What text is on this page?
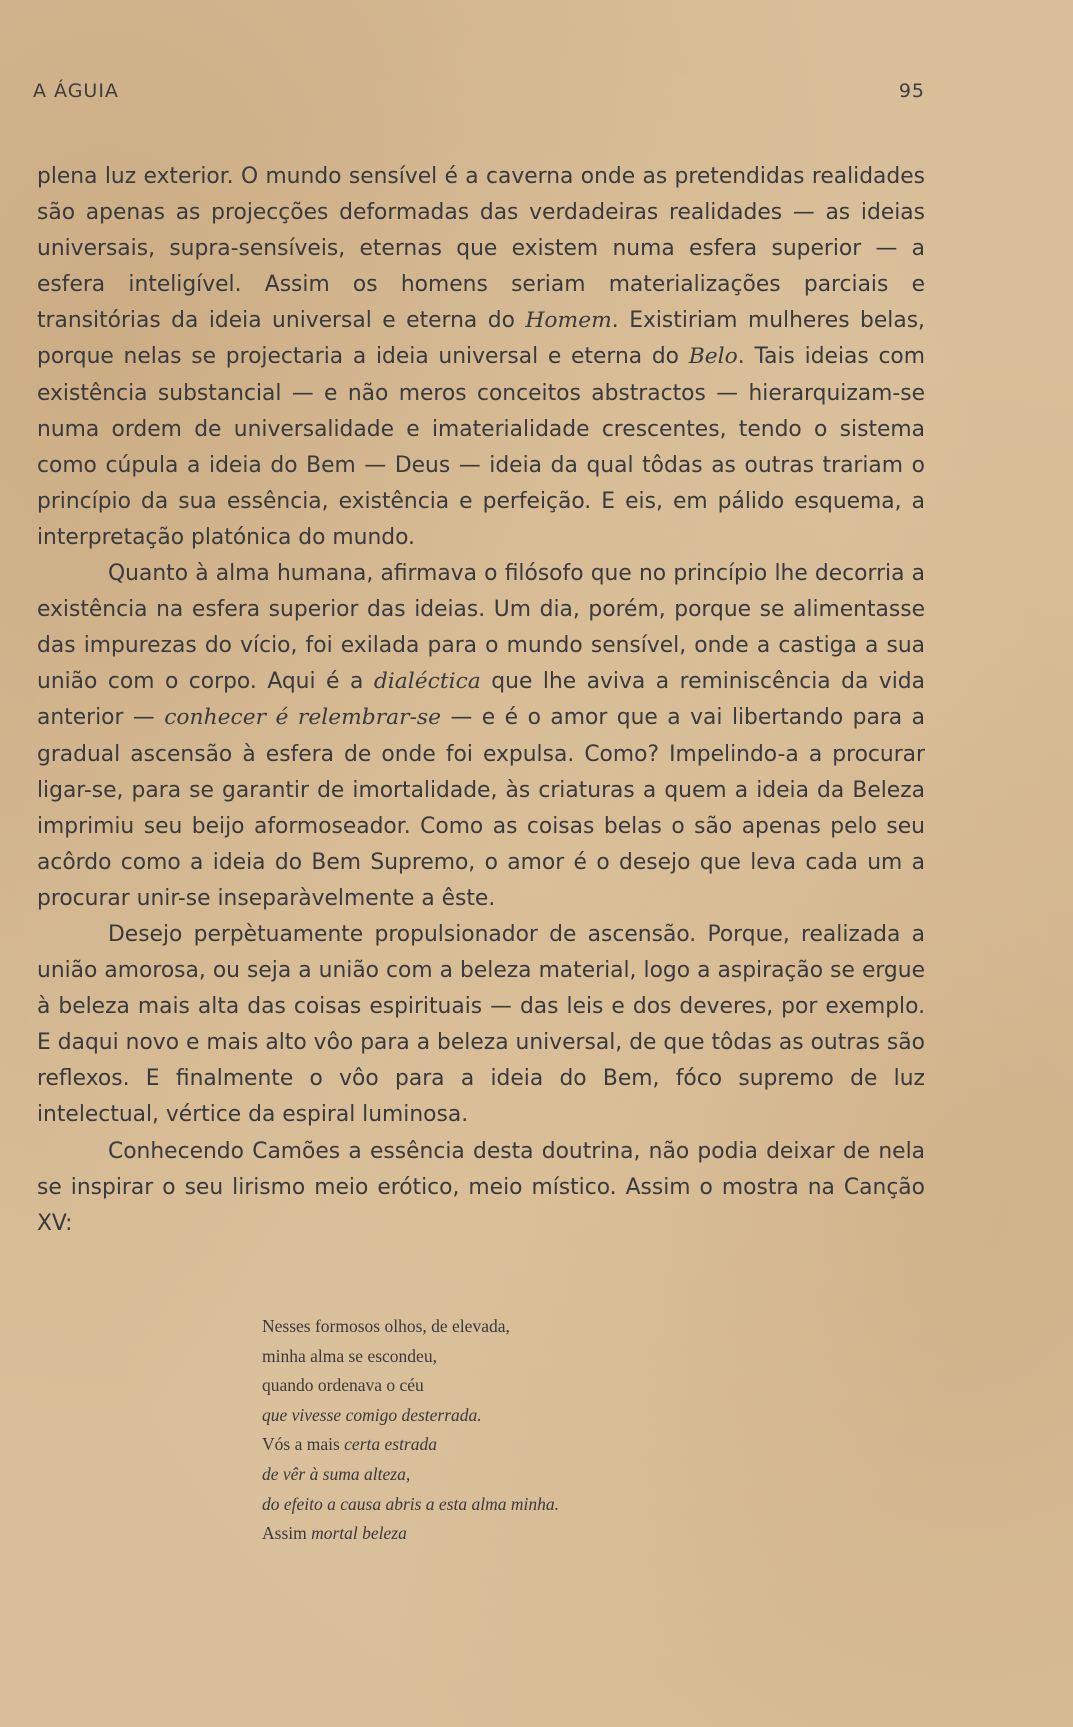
A ÁGUIA	95

plena luz exterior. O mundo sensível é a caverna onde as pretendidas realidades são apenas as projecções deformadas das verdadeiras realidades — as ideias universais, supra-sensíveis, eternas que existem numa esfera superior — a esfera inteligível. Assim os homens seriam materializações parciais e transitórias da ideia universal e eterna do Homem. Existiriam mulheres belas, porque nelas se projectaria a ideia universal e eterna do Belo. Tais ideias com existência substancial — e não meros conceitos abstractos — hierarquizam-se numa ordem de universalidade e imaterialidade crescentes, tendo o sistema como cúpula a ideia do Bem — Deus — ideia da qual tôdas as outras trariam o princípio da sua essência, existência e perfeição. E eis, em pálido esquema, a interpretação platónica do mundo.

Quanto à alma humana, afirmava o filósofo que no princípio lhe decorria a existência na esfera superior das ideias. Um dia, porém, porque se alimentasse das impurezas do vício, foi exilada para o mundo sensível, onde a castiga a sua união com o corpo. Aqui é a dialéctica que lhe aviva a reminiscência da vida anterior — conhecer é relembrar-se — e é o amor que a vai libertando para a gradual ascensão à esfera de onde foi expulsa. Como? Impelindo-a a procurar ligar-se, para se garantir de imortalidade, às criaturas a quem a ideia da Beleza imprimiu seu beijo aformoseador. Como as coisas belas o são apenas pelo seu acôrdo como a ideia do Bem Supremo, o amor é o desejo que leva cada um a procurar unir-se inseparàvelmente a êste.

Desejo perpètuamente propulsionador de ascensão. Porque, realizada a união amorosa, ou seja a união com a beleza material, logo a aspiração se ergue à beleza mais alta das coisas espirituais — das leis e dos deveres, por exemplo. E daqui novo e mais alto vôo para a beleza universal, de que tôdas as outras são reflexos. E finalmente o vôo para a ideia do Bem, fóco supremo de luz intelectual, vértice da espiral luminosa.

Conhecendo Camões a essência desta doutrina, não podia deixar de nela se inspirar o seu lirismo meio erótico, meio místico. Assim o mostra na Canção XV:

Nesses formosos olhos, de elevada,
minha alma se escondeu,
quando ordenava o céu
que vivesse comigo desterrada.
Vós a mais certa estrada
de vêr à suma alteza,
do efeito a causa abris a esta alma minha.
Assim mortal beleza
